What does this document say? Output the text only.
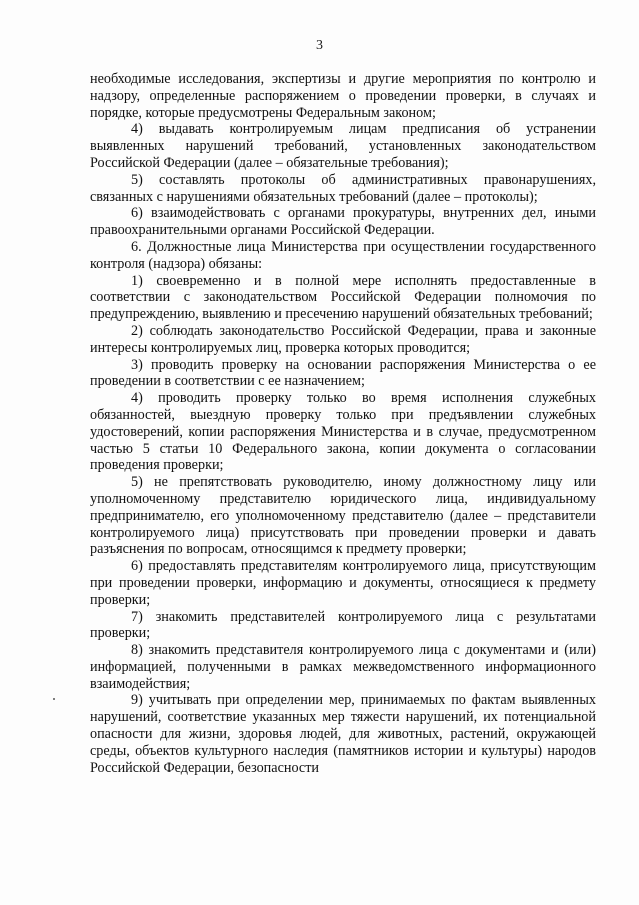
3

необходимые исследования, экспертизы и другие мероприятия по контролю и надзору, определенные распоряжением о проведении проверки, в случаях и порядке, которые предусмотрены Федеральным законом;

4) выдавать контролируемым лицам предписания об устранении выявленных нарушений требований, установленных законодательством Российской Федерации (далее – обязательные требования);

5) составлять протоколы об административных правонарушениях, связанных с нарушениями обязательных требований (далее – протоколы);

6) взаимодействовать с органами прокуратуры, внутренних дел, иными правоохранительными органами Российской Федерации.

6. Должностные лица Министерства при осуществлении государственного контроля (надзора) обязаны:

1) своевременно и в полной мере исполнять предоставленные в соответствии с законодательством Российской Федерации полномочия по предупреждению, выявлению и пресечению нарушений обязательных требований;

2) соблюдать законодательство Российской Федерации, права и законные интересы контролируемых лиц, проверка которых проводится;

3) проводить проверку на основании распоряжения Министерства о ее проведении в соответствии с ее назначением;

4) проводить проверку только во время исполнения служебных обязанностей, выездную проверку только при предъявлении служебных удостоверений, копии распоряжения Министерства и в случае, предусмотренном частью 5 статьи 10 Федерального закона, копии документа о согласовании проведения проверки;

5) не препятствовать руководителю, иному должностному лицу или уполномоченному представителю юридического лица, индивидуальному предпринимателю, его уполномоченному представителю (далее – представители контролируемого лица) присутствовать при проведении проверки и давать разъяснения по вопросам, относящимся к предмету проверки;

6) предоставлять представителям контролируемого лица, присутствующим при проведении проверки, информацию и документы, относящиеся к предмету проверки;

7) знакомить представителей контролируемого лица с результатами проверки;

8) знакомить представителя контролируемого лица с документами и (или) информацией, полученными в рамках межведомственного информационного взаимодействия;

9) учитывать при определении мер, принимаемых по фактам выявленных нарушений, соответствие указанных мер тяжести нарушений, их потенциальной опасности для жизни, здоровья людей, для животных, растений, окружающей среды, объектов культурного наследия (памятников истории и культуры) народов Российской Федерации, безопасности
